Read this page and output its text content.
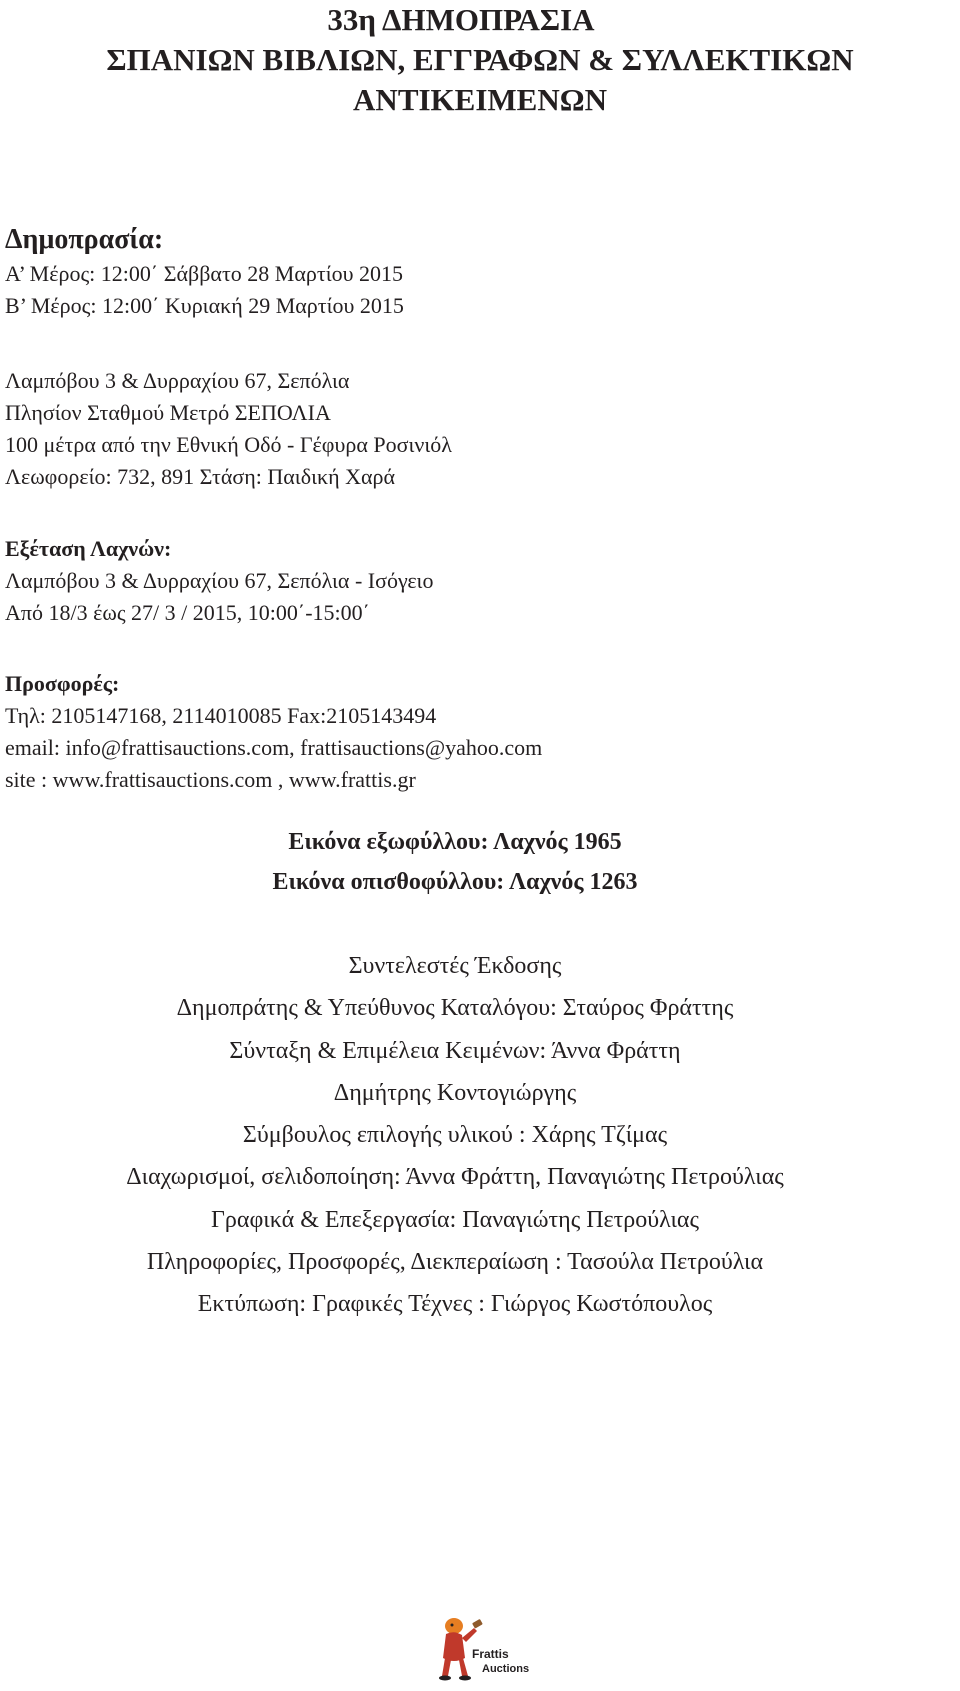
33η ΔΗΜΟΠΡΑΣΙΑ
ΣΠΑΝΙΩΝ ΒΙΒΛΙΩΝ, ΕΓΓΡΑΦΩΝ & ΣΥΛΛΕΚΤΙΚΩΝ
ΑΝΤΙΚΕΙΜΕΝΩΝ
Δημοπρασία:
Α’ Μέρος: 12:00΄ Σάββατο 28 Μαρτίου 2015
Β’ Μέρος: 12:00΄ Κυριακή 29 Μαρτίου 2015
Λαμπόβου 3 & Δυρραχίου 67, Σεπόλια
Πλησίον Σταθμού Μετρό ΣΕΠΟΛΙΑ
100 μέτρα από την Εθνική Οδό - Γέφυρα Ροσινιόλ
Λεωφορείο: 732, 891 Στάση: Παιδική Χαρά
Εξέταση Λαχνών:
Λαμπόβου 3 & Δυρραχίου 67, Σεπόλια - Ισόγειο
Από 18/3 έως 27/ 3 / 2015, 10:00΄-15:00΄
Προσφορές:
Τηλ: 2105147168, 2114010085 Fax:2105143494
email: info@frattisauctions.com, frattisauctions@yahoo.com
site : www.frattisauctions.com , www.frattis.gr
Εικόνα εξωφύλλου: Λαχνός 1965
Εικόνα οπισθοφύλλου: Λαχνός 1263
Συντελεστές Έκδοσης
Δημοπράτης & Υπεύθυνος Καταλόγου: Σταύρος Φράττης
Σύνταξη & Επιμέλεια Κειμένων: Άννα Φράττη
Δημήτρης Κοντογιώργης
Σύμβουλος επιλογής υλικού : Χάρης Τζίμας
Διαχωρισμοί, σελιδοποίηση: Άννα Φράττη, Παναγιώτης Πετρούλιας
Γραφικά & Επεξεργασία: Παναγιώτης Πετρούλιας
Πληροφορίες, Προσφορές, Διεκπεραίωση : Τασούλα Πετρούλια
Εκτύπωση: Γραφικές Τέχνες : Γιώργος Κωστόπουλος
Frattis
Auctions
